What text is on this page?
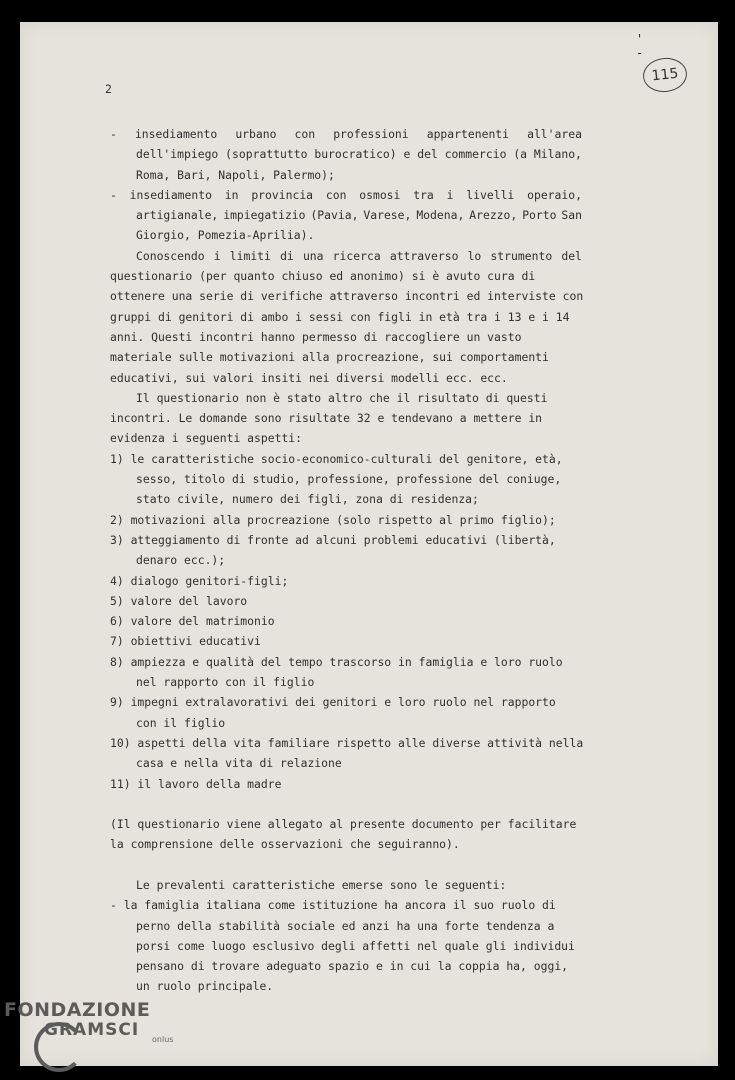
' -
115
2
- insediamento urbano con professioni appartenenti all'area
dell'impiego (soprattutto burocratico) e del commercio (a Milano,
Roma, Bari, Napoli, Palermo);
- insediamento in provincia con osmosi tra i livelli operaio,
artigianale, impiegatizio (Pavia, Varese, Modena, Arezzo, Porto San
Giorgio, Pomezia-Aprilia).
Conoscendo i limiti di una ricerca attraverso lo strumento del
questionario (per quanto chiuso ed anonimo) si è avuto cura di
ottenere una serie di verifiche attraverso incontri ed interviste con
gruppi di genitori di ambo i sessi con figli in età tra i 13 e i 14
anni. Questi incontri hanno permesso di raccogliere un vasto
materiale sulle motivazioni alla procreazione, sui comportamenti
educativi, sui valori insiti nei diversi modelli ecc. ecc.
Il questionario non è stato altro che il risultato di questi
incontri. Le domande sono risultate 32 e tendevano a mettere in
evidenza i seguenti aspetti:
1) le caratteristiche socio-economico-culturali del genitore, età,
sesso, titolo di studio, professione, professione del coniuge,
stato civile, numero dei figli, zona di residenza;
2) motivazioni alla procreazione (solo rispetto al primo figlio);
3) atteggiamento di fronte ad alcuni problemi educativi (libertà,
denaro ecc.);
4) dialogo genitori-figli;
5) valore del lavoro
6) valore del matrimonio
7) obiettivi educativi
8) ampiezza e qualità del tempo trascorso in famiglia e loro ruolo
nel rapporto con il figlio
9) impegni extralavorativi dei genitori e loro ruolo nel rapporto
con il figlio
10) aspetti della vita familiare rispetto alle diverse attività nella
casa e nella vita di relazione
11) il lavoro della madre
(Il questionario viene allegato al presente documento per facilitare
la comprensione delle osservazioni che seguiranno).
Le prevalenti caratteristiche emerse sono le seguenti:
- la famiglia italiana come istituzione ha ancora il suo ruolo di
perno della stabilità sociale ed anzi ha una forte tendenza a
porsi come luogo esclusivo degli affetti nel quale gli individui
pensano di trovare adeguato spazio e in cui la coppia ha, oggi,
un ruolo principale.
FONDAZIONE
GRAMSCI	onlus
